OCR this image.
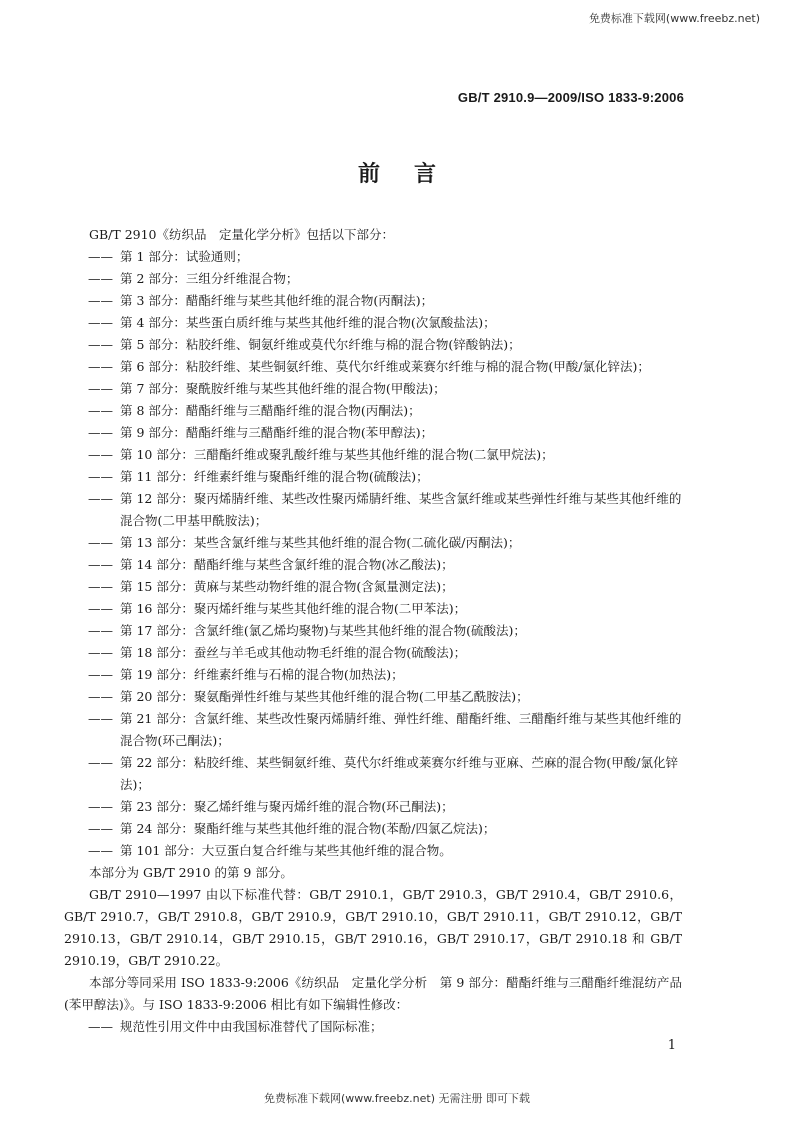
免费标准下载网(www.freebz.net)
GB/T 2910.9—2009/ISO 1833-9:2006
前言

GB/T 2910《纺织品　定量化学分析》包括以下部分：

—— 第 1 部分：试验通则；
—— 第 2 部分：三组分纤维混合物；
—— 第 3 部分：醋酯纤维与某些其他纤维的混合物(丙酮法)；
—— 第 4 部分：某些蛋白质纤维与某些其他纤维的混合物(次氯酸盐法)；
—— 第 5 部分：粘胶纤维、铜氨纤维或莫代尔纤维与棉的混合物(锌酸钠法)；
—— 第 6 部分：粘胶纤维、某些铜氨纤维、莫代尔纤维或莱赛尔纤维与棉的混合物(甲酸/氯化锌法)；
—— 第 7 部分：聚酰胺纤维与某些其他纤维的混合物(甲酸法)；
—— 第 8 部分：醋酯纤维与三醋酯纤维的混合物(丙酮法)；
—— 第 9 部分：醋酯纤维与三醋酯纤维的混合物(苯甲醇法)；
—— 第 10 部分：三醋酯纤维或聚乳酸纤维与某些其他纤维的混合物(二氯甲烷法)；
—— 第 11 部分：纤维素纤维与聚酯纤维的混合物(硫酸法)；
—— 第 12 部分：聚丙烯腈纤维、某些改性聚丙烯腈纤维、某些含氯纤维或某些弹性纤维与某些其他纤维的混合物(二甲基甲酰胺法)；
—— 第 13 部分：某些含氯纤维与某些其他纤维的混合物(二硫化碳/丙酮法)；
—— 第 14 部分：醋酯纤维与某些含氯纤维的混合物(冰乙酸法)；
—— 第 15 部分：黄麻与某些动物纤维的混合物(含氮量测定法)；
—— 第 16 部分：聚丙烯纤维与某些其他纤维的混合物(二甲苯法)；
—— 第 17 部分：含氯纤维(氯乙烯均聚物)与某些其他纤维的混合物(硫酸法)；
—— 第 18 部分：蚕丝与羊毛或其他动物毛纤维的混合物(硫酸法)；
—— 第 19 部分：纤维素纤维与石棉的混合物(加热法)；
—— 第 20 部分：聚氨酯弹性纤维与某些其他纤维的混合物(二甲基乙酰胺法)；
—— 第 21 部分：含氯纤维、某些改性聚丙烯腈纤维、弹性纤维、醋酯纤维、三醋酯纤维与某些其他纤维的混合物(环己酮法)；
—— 第 22 部分：粘胶纤维、某些铜氨纤维、莫代尔纤维或莱赛尔纤维与亚麻、苎麻的混合物(甲酸/氯化锌法)；
—— 第 23 部分：聚乙烯纤维与聚丙烯纤维的混合物(环己酮法)；
—— 第 24 部分：聚酯纤维与某些其他纤维的混合物(苯酚/四氯乙烷法)；
—— 第 101 部分：大豆蛋白复合纤维与某些其他纤维的混合物。

本部分为 GB/T 2910 的第 9 部分。

GB/T 2910—1997 由以下标准代替：GB/T 2910.1，GB/T 2910.3，GB/T 2910.4，GB/T 2910.6，GB/T 2910.7，GB/T 2910.8，GB/T 2910.9，GB/T 2910.10，GB/T 2910.11，GB/T 2910.12，GB/T 2910.13，GB/T 2910.14，GB/T 2910.15，GB/T 2910.16，GB/T 2910.17，GB/T 2910.18 和 GB/T 2910.19，GB/T 2910.22。

本部分等同采用 ISO 1833-9:2006《纺织品　定量化学分析　第 9 部分：醋酯纤维与三醋酯纤维混纺产品(苯甲醇法)》。与 ISO 1833-9:2006 相比有如下编辑性修改：

—— 规范性引用文件中由我国标准替代了国际标准；
1
免费标准下载网(www.freebz.net) 无需注册 即可下载
